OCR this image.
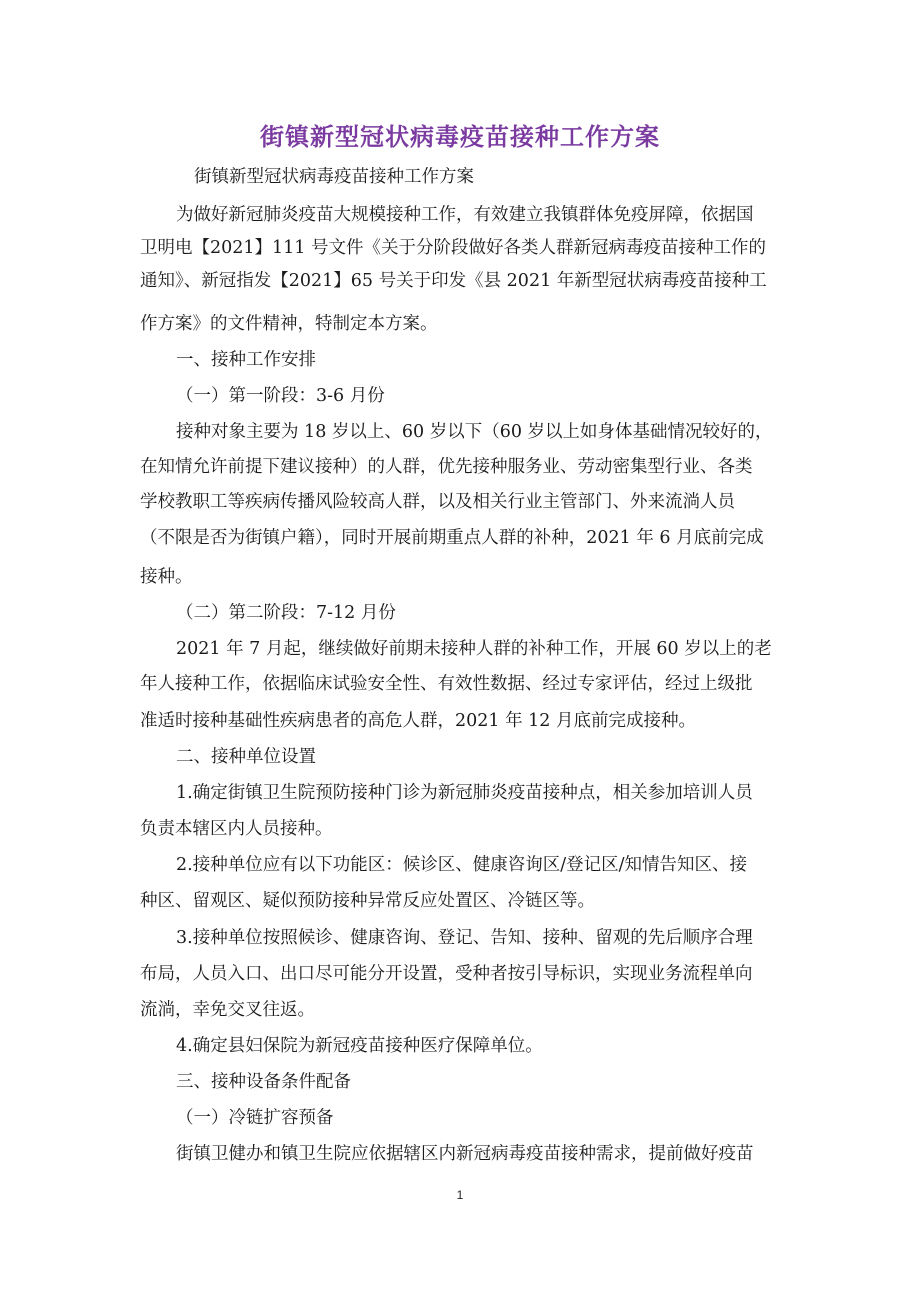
街镇新型冠状病毒疫苗接种工作方案
街镇新型冠状病毒疫苗接种工作方案
为做好新冠肺炎疫苗大规模接种工作，有效建立我镇群体免疫屏障，依据国
卫明电【2021】111 号文件《关于分阶段做好各类人群新冠病毒疫苗接种工作的
通知》、新冠指发【2021】65 号关于印发《县 2021 年新型冠状病毒疫苗接种工
作方案》的文件精神，特制定本方案。
一、接种工作安排
（一）第一阶段：3-6 月份
接种对象主要为 18 岁以上、60 岁以下（60 岁以上如身体基础情况较好的，
在知情允许前提下建议接种）的人群，优先接种服务业、劳动密集型行业、各类
学校教职工等疾病传播风险较高人群，以及相关行业主管部门、外来流淌人员
（不限是否为街镇户籍），同时开展前期重点人群的补种，2021 年 6 月底前完成
接种。
（二）第二阶段：7-12 月份
2021 年 7 月起，继续做好前期未接种人群的补种工作，开展 60 岁以上的老
年人接种工作，依据临床试验安全性、有效性数据、经过专家评估，经过上级批
准适时接种基础性疾病患者的高危人群，2021 年 12 月底前完成接种。
二、接种单位设置
1.确定街镇卫生院预防接种门诊为新冠肺炎疫苗接种点，相关参加培训人员
负责本辖区内人员接种。
2.接种单位应有以下功能区：候诊区、健康咨询区/登记区/知情告知区、接
种区、留观区、疑似预防接种异常反应处置区、冷链区等。
3.接种单位按照候诊、健康咨询、登记、告知、接种、留观的先后顺序合理
布局，人员入口、出口尽可能分开设置，受种者按引导标识，实现业务流程单向
流淌，幸免交叉往返。
4.确定县妇保院为新冠疫苗接种医疗保障单位。
三、接种设备条件配备
（一）冷链扩容预备
街镇卫健办和镇卫生院应依据辖区内新冠病毒疫苗接种需求，提前做好疫苗
1
